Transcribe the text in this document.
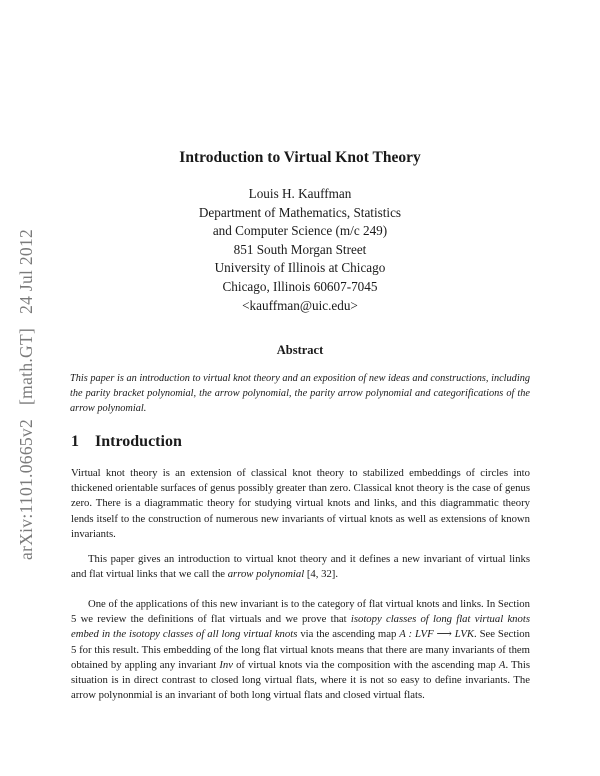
arXiv:1101.0665v2[math.GT]24 Jul 2012
Introduction to Virtual Knot Theory
Louis H. Kauffman
Department of Mathematics, Statistics
and Computer Science (m/c 249)
851 South Morgan Street
University of Illinois at Chicago
Chicago, Illinois 60607-7045
<kauffman@uic.edu>
Abstract
This paper is an introduction to virtual knot theory and an exposition of new ideas and constructions, including the parity bracket polynomial, the arrow polynomial, the parity arrow polynomial and categorifications of the arrow polynomial.
1 Introduction
Virtual knot theory is an extension of classical knot theory to stabilized embeddings of circles into thickened orientable surfaces of genus possibly greater than zero. Classical knot theory is the case of genus zero. There is a diagrammatic theory for studying virtual knots and links, and this diagrammatic theory lends itself to the construction of numerous new invariants of virtual knots as well as extensions of known invariants.
This paper gives an introduction to virtual knot theory and it defines a new invariant of virtual links and flat virtual links that we call the arrow polynomial [4, 32].
One of the applications of this new invariant is to the category of flat virtual knots and links. In Section 5 we review the definitions of flat virtuals and we prove that isotopy classes of long flat virtual knots embed in the isotopy classes of all long virtual knots via the ascending map A : LVF ⟶ LVK. See Section 5 for this result. This embedding of the long flat virtual knots means that there are many invariants of them obtained by appling any invariant Inv of virtual knots via the composition with the ascending map A. This situation is in direct contrast to closed long virtual flats, where it is not so easy to define invariants. The arrow polynonmial is an invariant of both long virtual flats and closed virtual flats.
